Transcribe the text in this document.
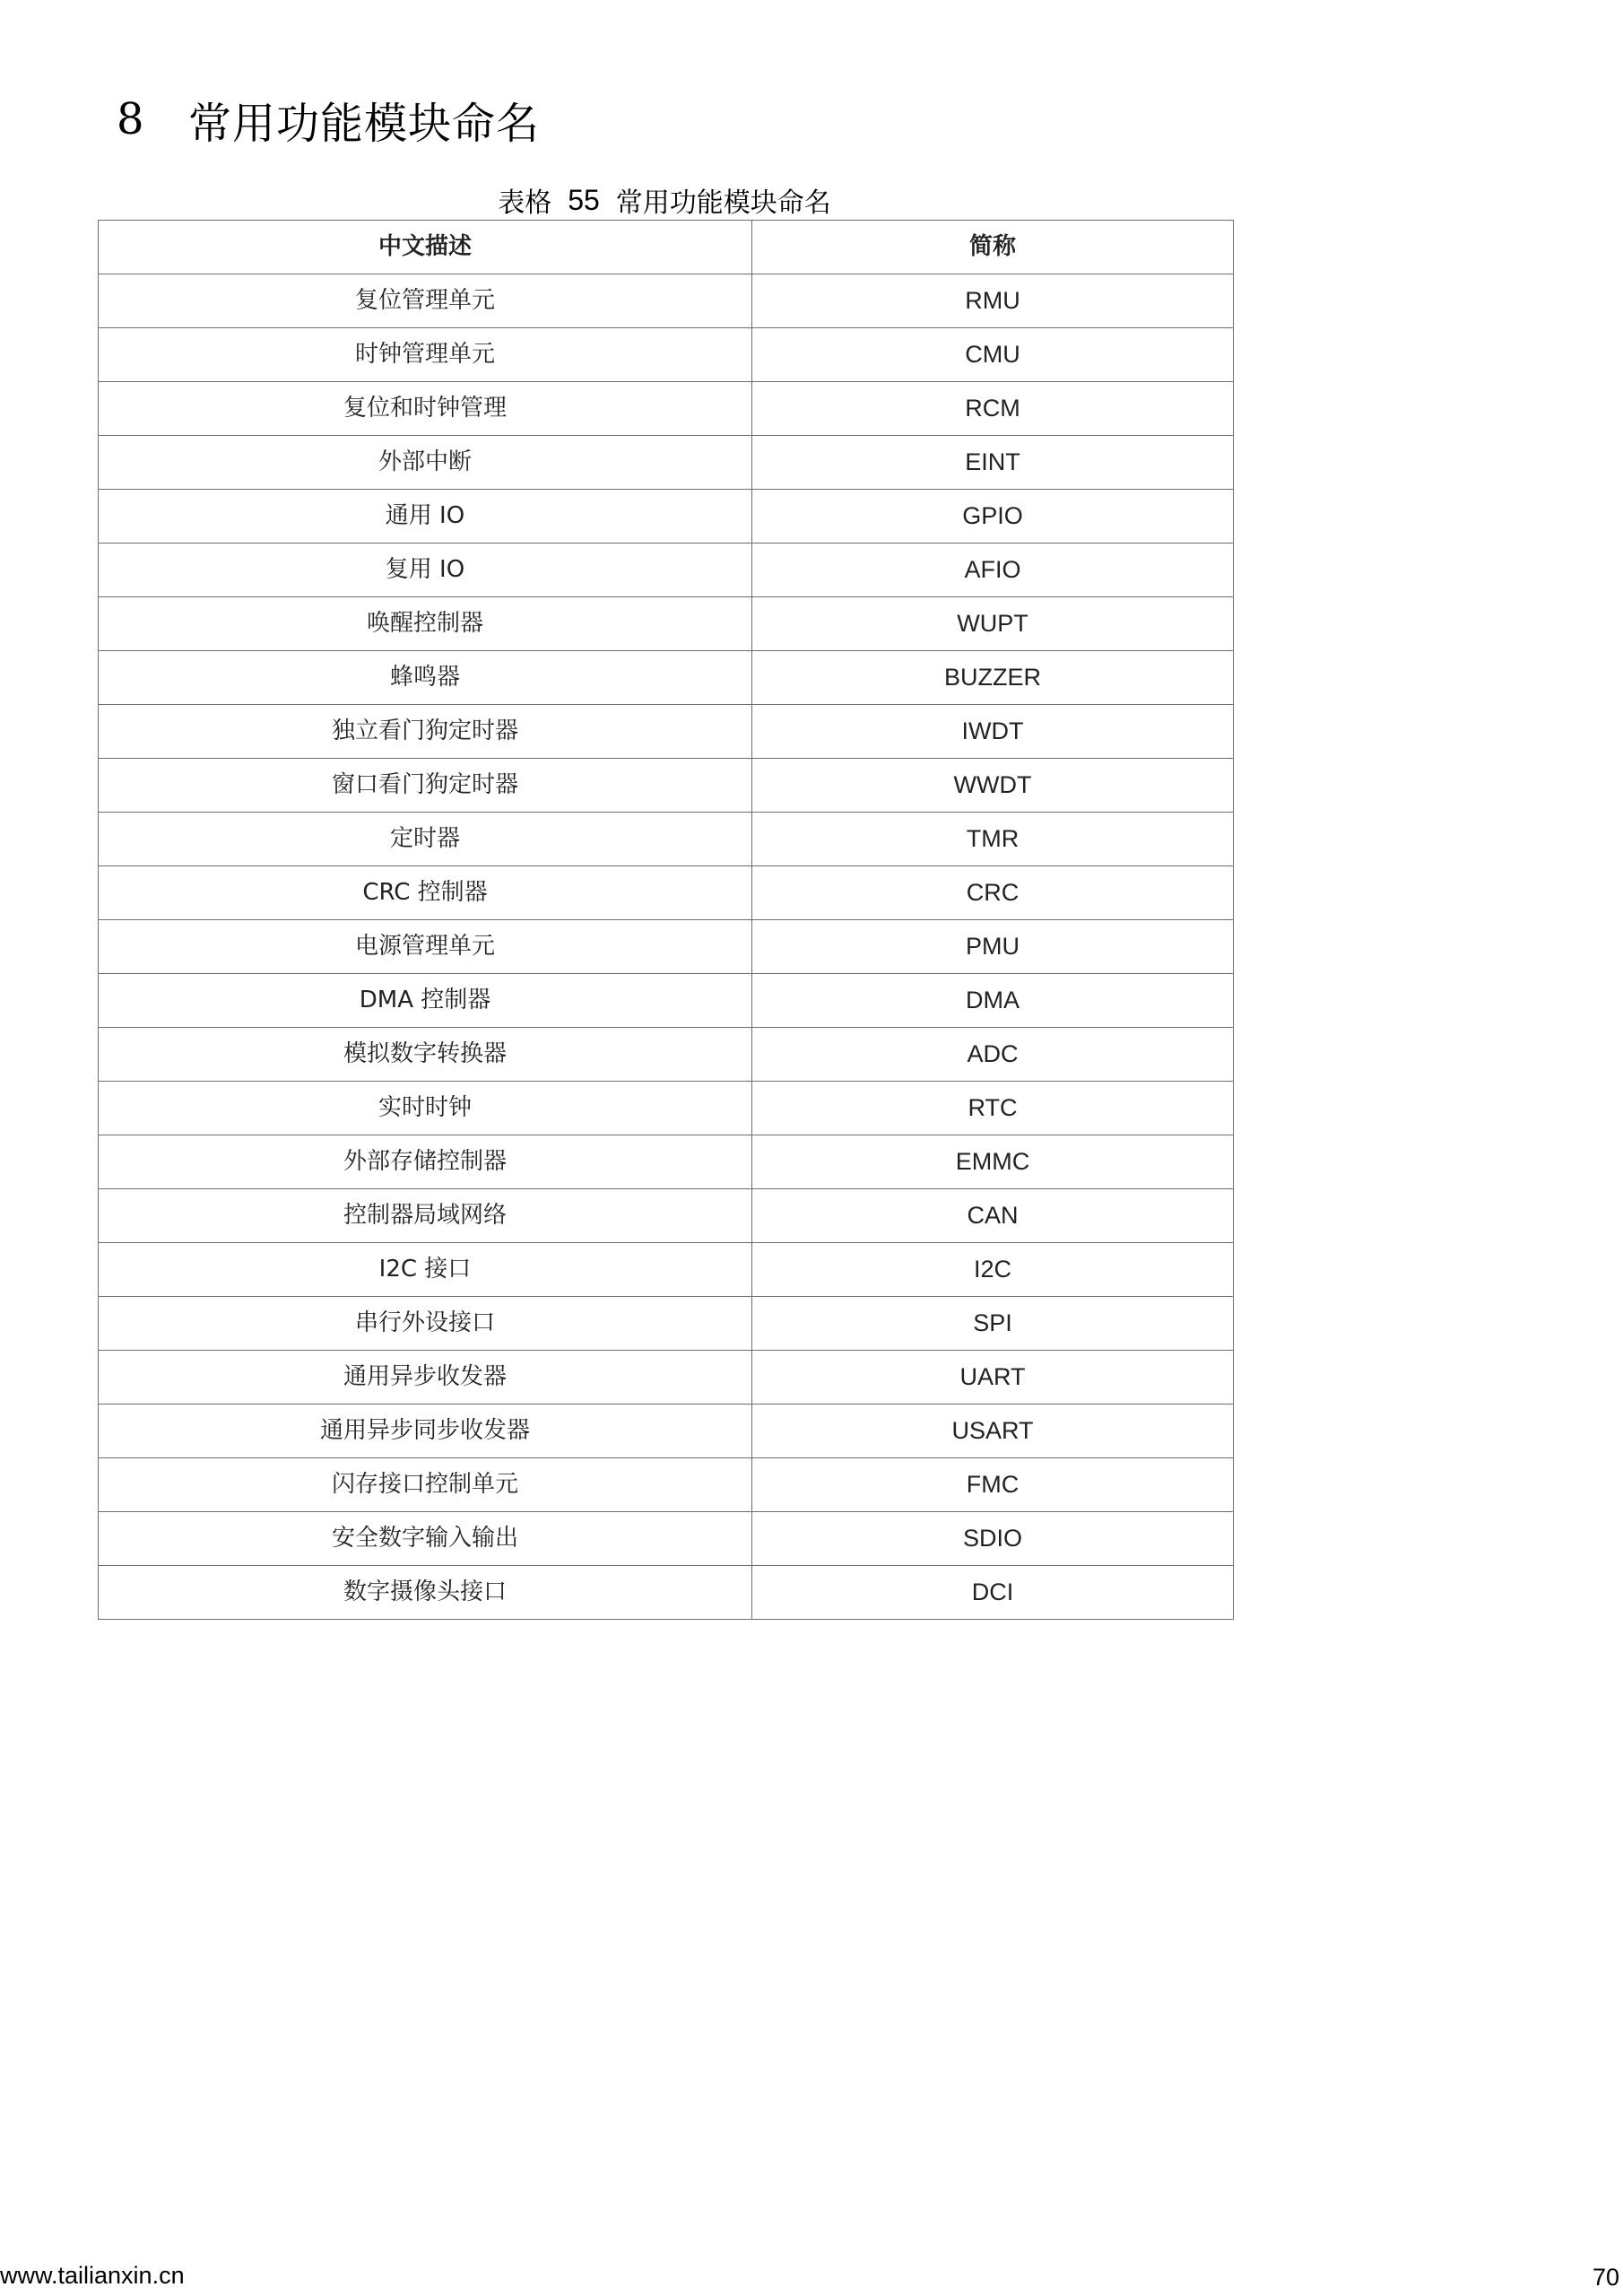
8	常用功能模块命名
表格 55 常用功能模块命名
中文描述	简称
复位管理单元	RMU
时钟管理单元	CMU
复位和时钟管理	RCM
外部中断	EINT
通用 IO	GPIO
复用 IO	AFIO
唤醒控制器	WUPT
蜂鸣器	BUZZER
独立看门狗定时器	IWDT
窗口看门狗定时器	WWDT
定时器	TMR
CRC 控制器	CRC
电源管理单元	PMU
DMA 控制器	DMA
模拟数字转换器	ADC
实时时钟	RTC
外部存储控制器	EMMC
控制器局域网络	CAN
I2C 接口	I2C
串行外设接口	SPI
通用异步收发器	UART
通用异步同步收发器	USART
闪存接口控制单元	FMC
安全数字输入输出	SDIO
数字摄像头接口	DCI
www.tailianxin.cn	70
